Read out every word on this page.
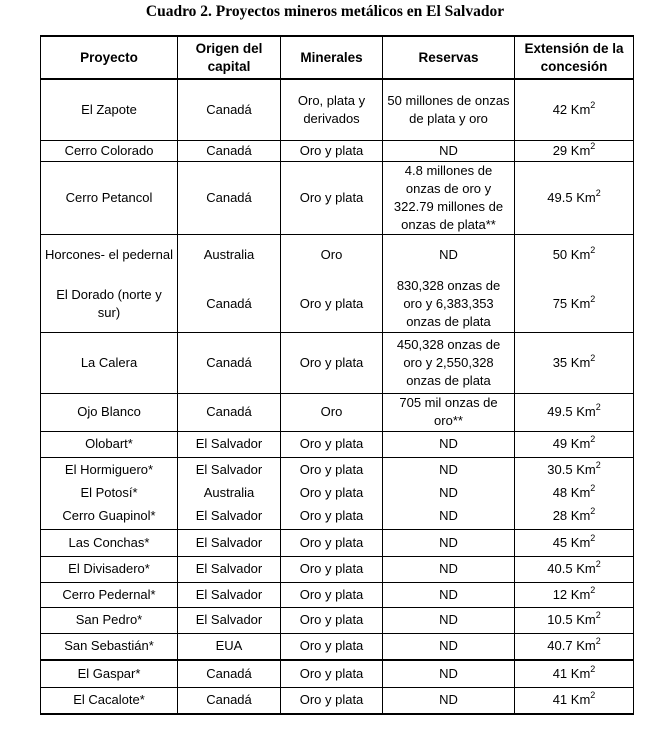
Cuadro 2. Proyectos mineros metálicos en El Salvador
Proyecto	Origen del capital	Minerales	Reservas	Extensión de la concesión
El Zapote	Canadá	Oro, plata y derivados	50 millones de onzas de plata y oro	42 Km$^2$
Cerro Colorado	Canadá	Oro y plata	ND	29 Km$^2$
Cerro Petancol	Canadá	Oro y plata	4.8 millones de onzas de oro y 322.79 millones de onzas de plata**	49.5 Km$^2$
Horcones- el pedernal	Australia	Oro	ND	50 Km$^2$
El Dorado (norte y sur)	Canadá	Oro y plata	830,328 onzas de oro y 6,383,353 onzas de plata	75 Km$^2$
La Calera	Canadá	Oro y plata	450,328 onzas de oro y 2,550,328 onzas de plata	35 Km$^2$
Ojo Blanco	Canadá	Oro	705 mil onzas de oro**	49.5 Km$^2$
Olobart*	El Salvador	Oro y plata	ND	49 Km$^2$
El Hormiguero*	El Salvador	Oro y plata	ND	30.5 Km$^2$
El Potosí*	Australia	Oro y plata	ND	48 Km$^2$
Cerro Guapinol*	El Salvador	Oro y plata	ND	28 Km$^2$
Las Conchas*	El Salvador	Oro y plata	ND	45 Km$^2$
El Divisadero*	El Salvador	Oro y plata	ND	40.5 Km$^2$
Cerro Pedernal*	El Salvador	Oro y plata	ND	12 Km$^2$
San Pedro*	El Salvador	Oro y plata	ND	10.5 Km$^2$
San Sebastián*	EUA	Oro y plata	ND	40.7 Km$^2$
El Gaspar*	Canadá	Oro y plata	ND	41 Km$^2$
El Cacalote*	Canadá	Oro y plata	ND	41 Km$^2$
